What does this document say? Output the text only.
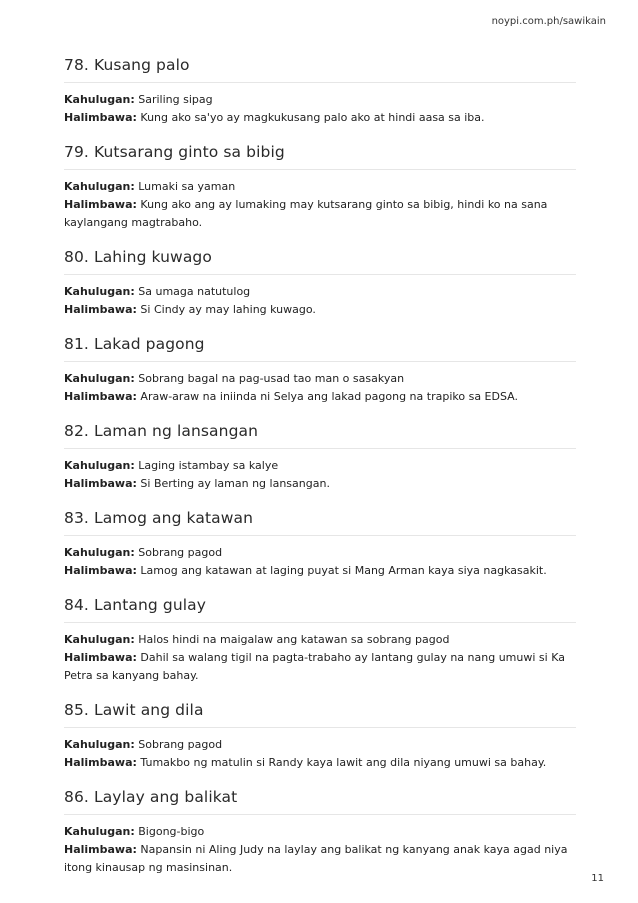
noypi.com.ph/sawikain
78. Kusang palo
Kahulugan: Sariling sipag
Halimbawa: Kung ako sa'yo ay magkukusang palo ako at hindi aasa sa iba.
79. Kutsarang ginto sa bibig
Kahulugan: Lumaki sa yaman
Halimbawa: Kung ako ang ay lumaking may kutsarang ginto sa bibig, hindi ko na sana kaylangang magtrabaho.
80. Lahing kuwago
Kahulugan: Sa umaga natutulog
Halimbawa: Si Cindy ay may lahing kuwago.
81. Lakad pagong
Kahulugan: Sobrang bagal na pag-usad tao man o sasakyan
Halimbawa: Araw-araw na iniinda ni Selya ang lakad pagong na trapiko sa EDSA.
82. Laman ng lansangan
Kahulugan: Laging istambay sa kalye
Halimbawa: Si Berting ay laman ng lansangan.
83. Lamog ang katawan
Kahulugan: Sobrang pagod
Halimbawa: Lamog ang katawan at laging puyat si Mang Arman kaya siya nagkasakit.
84. Lantang gulay
Kahulugan: Halos hindi na maigalaw ang katawan sa sobrang pagod
Halimbawa: Dahil sa walang tigil na pagta-trabaho ay lantang gulay na nang umuwi si Ka Petra sa kanyang bahay.
85. Lawit ang dila
Kahulugan: Sobrang pagod
Halimbawa: Tumakbo ng matulin si Randy kaya lawit ang dila niyang umuwi sa bahay.
86. Laylay ang balikat
Kahulugan: Bigong-bigo
Halimbawa: Napansin ni Aling Judy na laylay ang balikat ng kanyang anak kaya agad niya itong kinausap ng masinsinan.
11
